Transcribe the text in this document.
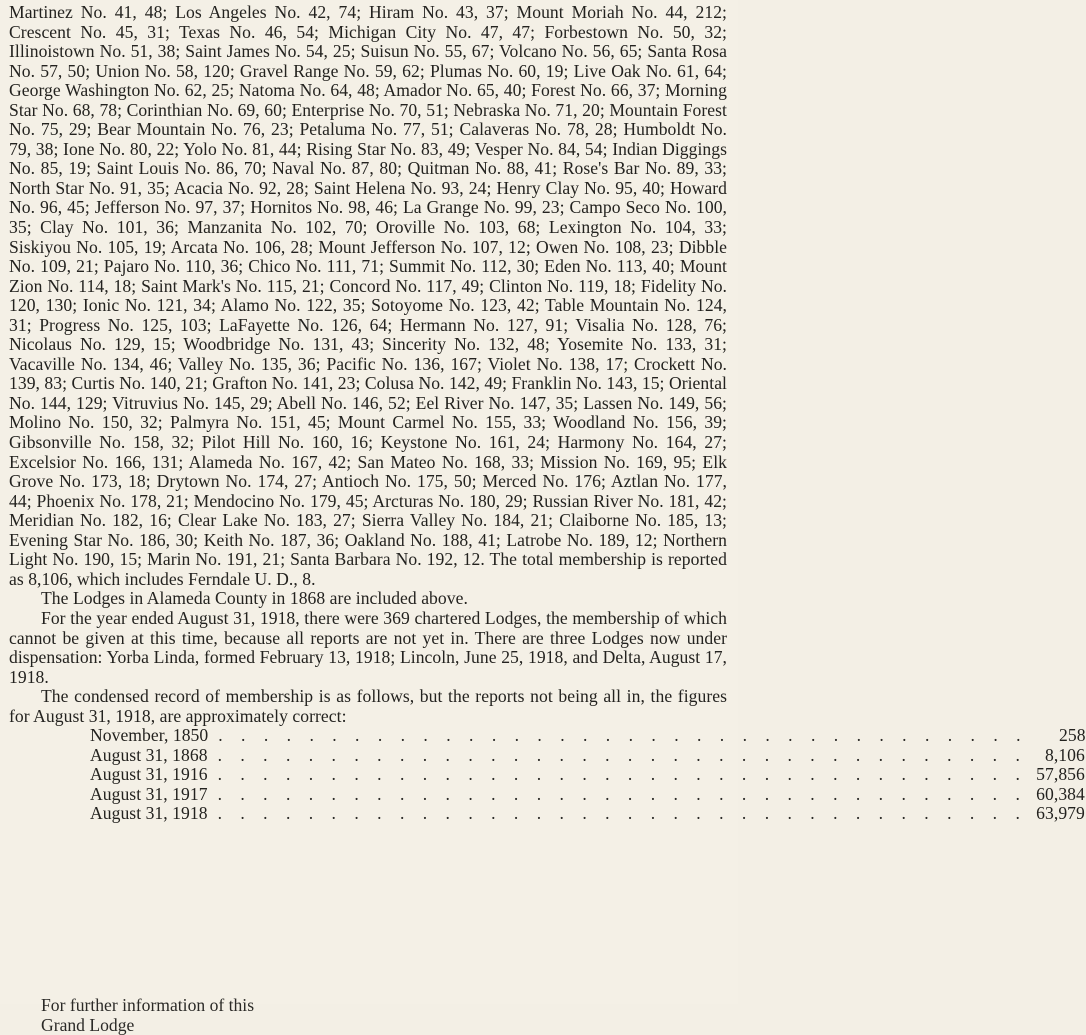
Martinez No. 41, 48; Los Angeles No. 42, 74; Hiram No. 43, 37; Mount Moriah No. 44, 212; Crescent No. 45, 31; Texas No. 46, 54; Michigan City No. 47, 47; Forbestown No. 50, 32; Illinoistown No. 51, 38; Saint James No. 54, 25; Suisun No. 55, 67; Volcano No. 56, 65; Santa Rosa No. 57, 50; Union No. 58, 120; Gravel Range No. 59, 62; Plumas No. 60, 19; Live Oak No. 61, 64; George Washington No. 62, 25; Natoma No. 64, 48; Amador No. 65, 40; Forest No. 66, 37; Morning Star No. 68, 78; Corinthian No. 69, 60; Enterprise No. 70, 51; Nebraska No. 71, 20; Mountain Forest No. 75, 29; Bear Mountain No. 76, 23; Petaluma No. 77, 51; Calaveras No. 78, 28; Humboldt No. 79, 38; Ione No. 80, 22; Yolo No. 81, 44; Rising Star No. 83, 49; Vesper No. 84, 54; Indian Diggings No. 85, 19; Saint Louis No. 86, 70; Naval No. 87, 80; Quitman No. 88, 41; Rose's Bar No. 89, 33; North Star No. 91, 35; Acacia No. 92, 28; Saint Helena No. 93, 24; Henry Clay No. 95, 40; Howard No. 96, 45; Jefferson No. 97, 37; Hornitos No. 98, 46; La Grange No. 99, 23; Campo Seco No. 100, 35; Clay No. 101, 36; Manzanita No. 102, 70; Oroville No. 103, 68; Lexington No. 104, 33; Siskiyou No. 105, 19; Arcata No. 106, 28; Mount Jefferson No. 107, 12; Owen No. 108, 23; Dibble No. 109, 21; Pajaro No. 110, 36; Chico No. 111, 71; Summit No. 112, 30; Eden No. 113, 40; Mount Zion No. 114, 18; Saint Mark's No. 115, 21; Concord No. 117, 49; Clinton No. 119, 18; Fidelity No. 120, 130; Ionic No. 121, 34; Alamo No. 122, 35; Sotoyome No. 123, 42; Table Mountain No. 124, 31; Progress No. 125, 103; LaFayette No. 126, 64; Hermann No. 127, 91; Visalia No. 128, 76; Nicolaus No. 129, 15; Woodbridge No. 131, 43; Sincerity No. 132, 48; Yosemite No. 133, 31; Vacaville No. 134, 46; Valley No. 135, 36; Pacific No. 136, 167; Violet No. 138, 17; Crockett No. 139, 83; Curtis No. 140, 21; Grafton No. 141, 23; Colusa No. 142, 49; Franklin No. 143, 15; Oriental No. 144, 129; Vitruvius No. 145, 29; Abell No. 146, 52; Eel River No. 147, 35; Lassen No. 149, 56; Molino No. 150, 32; Palmyra No. 151, 45; Mount Carmel No. 155, 33; Woodland No. 156, 39; Gibsonville No. 158, 32; Pilot Hill No. 160, 16; Keystone No. 161, 24; Harmony No. 164, 27; Excelsior No. 166, 131; Alameda No. 167, 42; San Mateo No. 168, 33; Mission No. 169, 95; Elk Grove No. 173, 18; Drytown No. 174, 27; Antioch No. 175, 50; Merced No. 176; Aztlan No. 177, 44; Phoenix No. 178, 21; Mendocino No. 179, 45; Arcturas No. 180, 29; Russian River No. 181, 42; Meridian No. 182, 16; Clear Lake No. 183, 27; Sierra Valley No. 184, 21; Claiborne No. 185, 13; Evening Star No. 186, 30; Keith No. 187, 36; Oakland No. 188, 41; Latrobe No. 189, 12; Northern Light No. 190, 15; Marin No. 191, 21; Santa Barbara No. 192, 12. The total membership is reported as 8,106, which includes Ferndale U. D., 8.

The Lodges in Alameda County in 1868 are included above.

For the year ended August 31, 1918, there were 369 chartered Lodges, the membership of which cannot be given at this time, because all reports are not yet in. There are three Lodges now under dispensation: Yorba Linda, formed February 13, 1918; Lincoln, June 25, 1918, and Delta, August 17, 1918.

The condensed record of membership is as follows, but the reports not being all in, the figures for August 31, 1918, are approximately correct:

November, 1850 . . . . . . . . . . . . . . . . . . . . . . . . . . . . . . . . . . . .	258
August 31, 1868 . . . . . . . . . . . . . . . . . . . . . . . . . . . . . . . . . . . .	8,106
August 31, 1916 . . . . . . . . . . . . . . . . . . . . . . . . . . . . . . . . . . . . 57,856
August 31, 1917 . . . . . . . . . . . . . . . . . . . . . . . . . . . . . . . . . . . . 60,384
August 31, 1918 . . . . . . . . . . . . . . . . . . . . . . . . . . . . . . . . . . . . 63,979
For further information of this Grand Lodge
